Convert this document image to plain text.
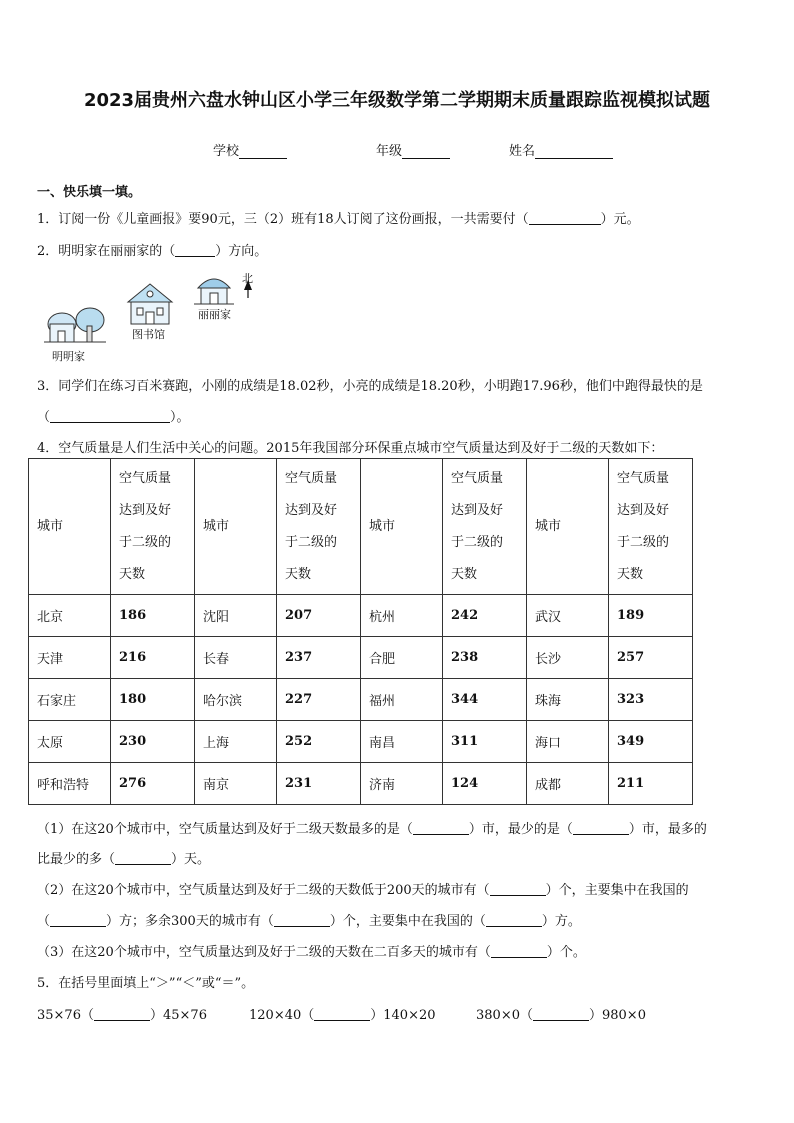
2023届贵州六盘水钟山区小学三年级数学第二学期期末质量跟踪监视模拟试题
学校	年级	姓名
一、快乐填一填。
1．订阅一份《儿童画报》要90元，三（2）班有18人订阅了这份画报，一共需要付（	）元。
2．明明家在丽丽家的（	）方向。
北
图书馆
丽丽家
明明家
3．同学们在练习百米赛跑，小刚的成绩是18.02秒，小亮的成绩是18.20秒，小明跑17.96秒，他们中跑得最快的是
（	）。
4．空气质量是人们生活中关心的问题。2015年我国部分环保重点城市空气质量达到及好于二级的天数如下：
城市	空气质量
达到及好
于二级的
天数	城市	空气质量
达到及好
于二级的
天数	城市	空气质量
达到及好
于二级的
天数	城市	空气质量
达到及好
于二级的
天数
北京	186	沈阳	207	杭州	242	武汉	189
天津	216	长春	237	合肥	238	长沙	257
石家庄	180	哈尔滨	227	福州	344	珠海	323
太原	230	上海	252	南昌	311	海口	349
呼和浩特	276	南京	231	济南	124	成都	211
（1）在这20个城市中，空气质量达到及好于二级天数最多的是（	）市，最少的是（	）市，最多的
比最少的多（	）天。
（2）在这20个城市中，空气质量达到及好于二级的天数低于200天的城市有（	）个，主要集中在我国的
（	）方；多余300天的城市有（	）个，主要集中在我国的（	）方。
（3）在这20个城市中，空气质量达到及好于二级的天数在二百多天的城市有（	）个。
5．在括号里面填上“＞”“＜”或“＝”。
35×76（	）45×76	120×40（	）140×20	380×0（	）980×0
